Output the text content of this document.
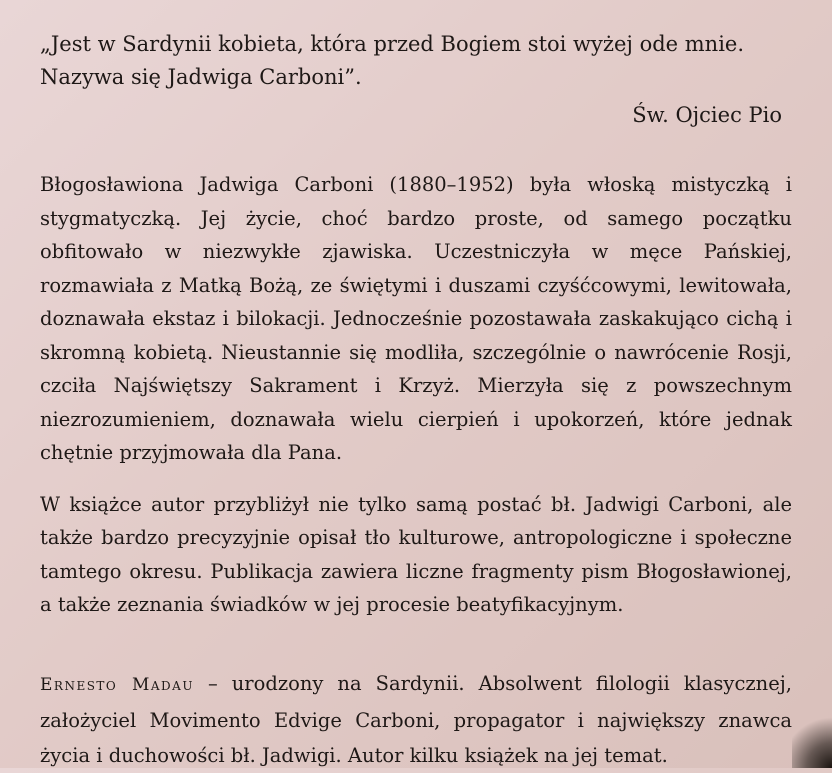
„Jest w Sardynii kobieta, która przed Bogiem stoi wyżej ode mnie.
Nazywa się Jadwiga Carboni”.

Św. Ojciec Pio

Błogosławiona Jadwiga Carboni (1880–1952) była włoską mistyczką i stygmatyczką. Jej życie, choć bardzo proste, od samego początku obfitowało w niezwykłe zjawiska. Uczestniczyła w męce Pańskiej, rozmawiała z Matką Bożą, ze świętymi i duszami czyśćcowymi, lewitowała, doznawała ekstaz i bilokacji. Jednocześnie pozostawała zaskakująco cichą i skromną kobietą. Nieustannie się modliła, szczególnie o nawrócenie Rosji, czciła Najświętszy Sakrament i Krzyż. Mierzyła się z powszechnym niezrozumieniem, doznawała wielu cierpień i upokorzeń, które jednak chętnie przyjmowała dla Pana.

W książce autor przybliżył nie tylko samą postać bł. Jadwigi Carboni, ale także bardzo precyzyjnie opisał tło kulturowe, antropologiczne i społeczne tamtego okresu. Publikacja zawiera liczne fragmenty pism Błogosławionej, a także zeznania świadków w jej procesie beatyfikacyjnym.

Ernesto Madau – urodzony na Sardynii. Absolwent filologii klasycznej, założyciel Movimento Edvige Carboni, propagator i największy znawca życia i duchowości bł. Jadwigi. Autor kilku książek na jej temat.
